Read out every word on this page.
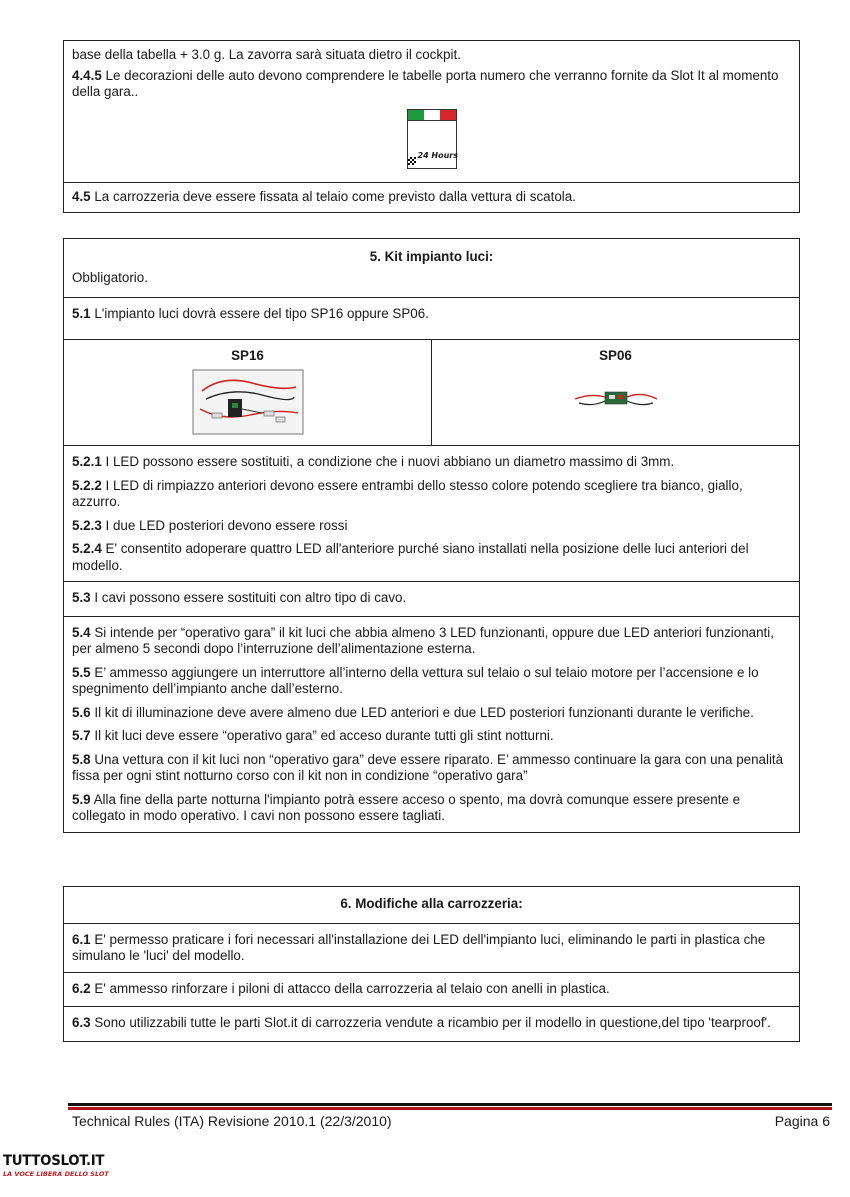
base della tabella + 3.0 g. La zavorra sarà situata dietro il cockpit.

4.4.5 Le decorazioni delle auto devono comprendere le tabelle porta numero che verranno fornite da Slot It al momento della gara..

24 Hours

4.5 La carrozzeria deve essere fissata al telaio come previsto dalla vettura di scatola.

5. Kit impianto luci:
Obbligatorio.

5.1 L'impianto luci dovrà essere del tipo SP16 oppure SP06.

SP16	SP06

5.2.1 I LED possono essere sostituiti, a condizione che i nuovi abbiano un diametro massimo di 3mm.

5.2.2 I LED di rimpiazzo anteriori devono essere entrambi dello stesso colore potendo scegliere tra bianco, giallo, azzurro.

5.2.3 I due LED posteriori devono essere rossi

5.2.4 E' consentito adoperare quattro LED all'anteriore purché siano installati nella posizione delle luci anteriori del modello.

5.3 I cavi possono essere sostituiti con altro tipo di cavo.

5.4 Si intende per “operativo gara” il kit luci che abbia almeno 3 LED funzionanti, oppure due LED anteriori funzionanti, per almeno 5 secondi dopo l’interruzione dell’alimentazione esterna.

5.5 E’ ammesso aggiungere un interruttore all’interno della vettura sul telaio o sul telaio motore per l’accensione e lo spegnimento dell’impianto anche dall’esterno.

5.6 Il kit di illuminazione deve avere almeno due LED anteriori e due LED posteriori funzionanti durante le verifiche.

5.7 Il kit luci deve essere “operativo gara” ed acceso durante tutti gli stint notturni.

5.8 Una vettura con il kit luci non “operativo gara” deve essere riparato. E’ ammesso continuare la gara con una penalità fissa per ogni stint notturno corso con il kit non in condizione “operativo gara”

5.9 Alla fine della parte notturna l'impianto potrà essere acceso o spento, ma dovrà comunque essere presente e collegato in modo operativo. I cavi non possono essere tagliati.

6. Modifiche alla carrozzeria:

6.1 E' permesso praticare i fori necessari all'installazione dei LED dell'impianto luci, eliminando le parti in plastica che simulano le 'luci' del modello.

6.2 E' ammesso rinforzare i piloni di attacco della carrozzeria al telaio con anelli in plastica.

6.3 Sono utilizzabili tutte le parti Slot.it di carrozzeria vendute a ricambio per il modello in questione,del tipo 'tearproof'.

Technical Rules (ITA) Revisione 2010.1 (22/3/2010)	Pagina 6
TUTTOSLOT.IT
LA VOCE LIBERA DELLO SLOT
